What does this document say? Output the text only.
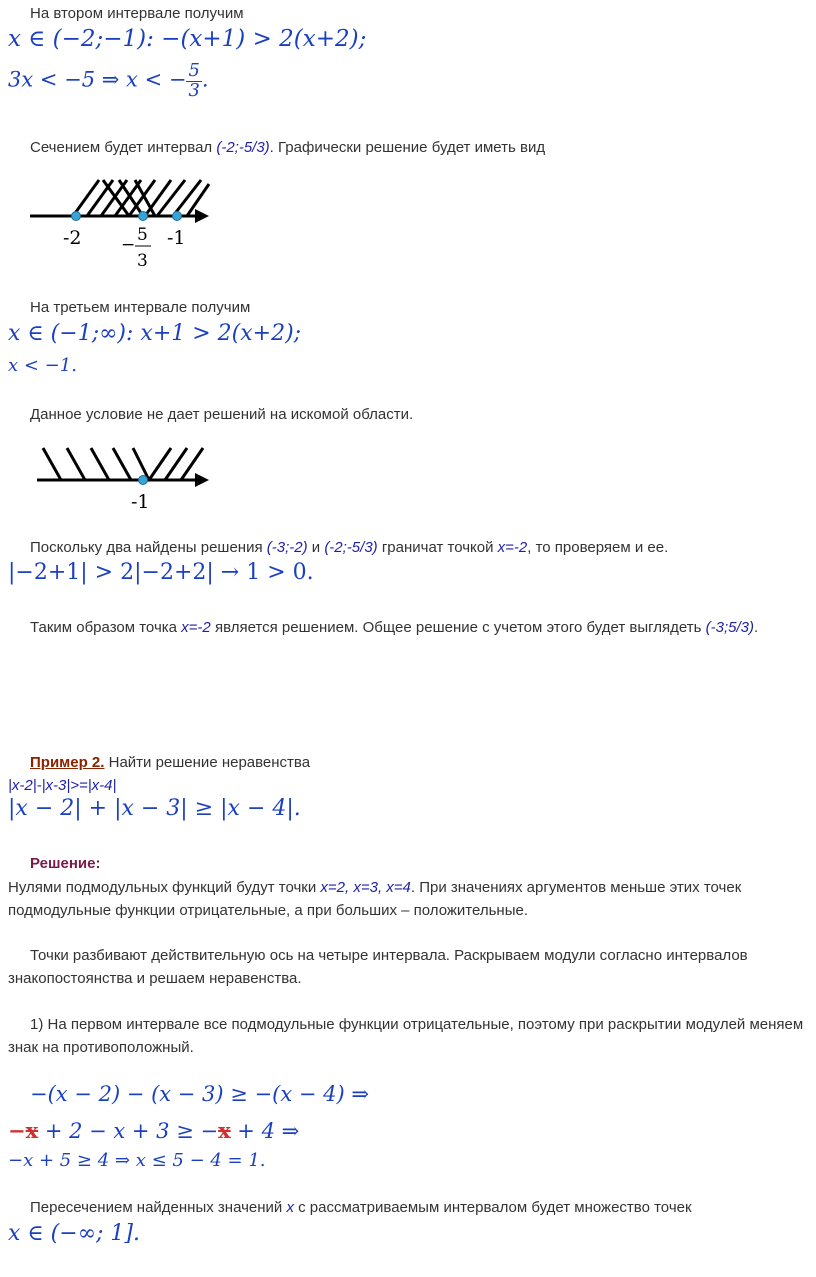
На втором интервале получим
x ∈ (−2;−1): −(x+1) > 2(x+2);
3x < −5 ⇒ x < − $\frac{5}{3}$ .
Сечением будет интервал (-2;-5/3). Графически решение будет иметь вид
-2 − 5
3
-1
На третьем интервале получим
x ∈ (−1;∞): x+1 > 2(x+2);
x < −1.
Данное условие не дает решений на искомой области.
-1
Поскольку два найдены решения (-3;-2) и (-2;-5/3) граничат точкой x=-2, то проверяем и ее.
|−2+1| > 2|−2+2| → 1 > 0.
Таким образом точка x=-2 является решением. Общее решение с учетом этого будет выглядеть (-3;5/3).
Пример 2. Найти решение неравенства
|x-2|-|x-3|>=|x-4|
|x − 2| + |x − 3| ≥ |x − 4|.
Решение:
Нулями подмодульных функций будут точки x=2, x=3, x=4. При значениях аргументов меньше этих точек подмодульные функции отрицательные, а при больших – положительные.
Точки разбивают действительную ось на четыре интервала. Раскрываем модули согласно интервалов знакопостоянства и решаем неравенства.
1) На первом интервале все подмодульные функции отрицательные, поэтому при раскрытии модулей меняем знак на противоположный.
−(x − 2) − (x − 3) ≥ −(x − 4) ⇒
−x + 2 − x + 3 ≥ −x + 4 ⇒
−x + 5 ≥ 4 ⇒ x ≤ 5 − 4 = 1.
Пересечением найденных значений x с рассматриваемым интервалом будет множество точек
x ∈ (−∞; 1].
